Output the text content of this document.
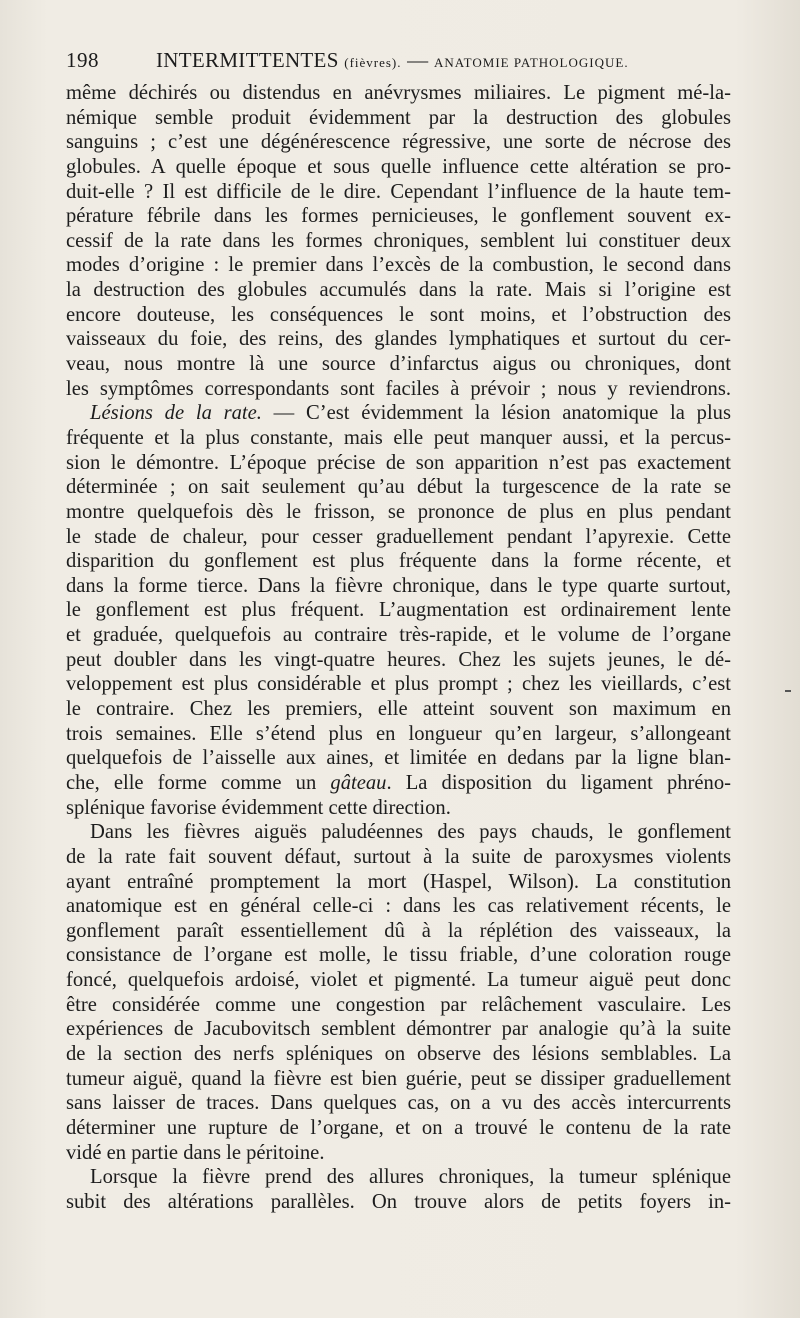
198	INTERMITTENTES (fièvres). — ANATOMIE PATHOLOGIQUE.
même déchirés ou distendus en anévrysmes miliaires. Le pigment mé-la-
némique semble produit évidemment par la destruction des globules
sanguins ; c’est une dégénérescence régressive, une sorte de nécrose des
globules. A quelle époque et sous quelle influence cette altération se pro-
duit-elle ? Il est difficile de le dire. Cependant l’influence de la haute tem-
pérature fébrile dans les formes pernicieuses, le gonflement souvent ex-
cessif de la rate dans les formes chroniques, semblent lui constituer deux
modes d’origine : le premier dans l’excès de la combustion, le second dans
la destruction des globules accumulés dans la rate. Mais si l’origine est
encore douteuse, les conséquences le sont moins, et l’obstruction des
vaisseaux du foie, des reins, des glandes lymphatiques et surtout du cer-
veau, nous montre là une source d’infarctus aigus ou chroniques, dont
les symptômes correspondants sont faciles à prévoir ; nous y reviendrons.
Lésions de la rate. — C’est évidemment la lésion anatomique la plus
fréquente et la plus constante, mais elle peut manquer aussi, et la percus-
sion le démontre. L’époque précise de son apparition n’est pas exactement
déterminée ; on sait seulement qu’au début la turgescence de la rate se
montre quelquefois dès le frisson, se prononce de plus en plus pendant
le stade de chaleur, pour cesser graduellement pendant l’apyrexie. Cette
disparition du gonflement est plus fréquente dans la forme récente, et
dans la forme tierce. Dans la fièvre chronique, dans le type quarte surtout,
le gonflement est plus fréquent. L’augmentation est ordinairement lente
et graduée, quelquefois au contraire très-rapide, et le volume de l’organe
peut doubler dans les vingt-quatre heures. Chez les sujets jeunes, le dé-
veloppement est plus considérable et plus prompt ; chez les vieillards, c’est
le contraire. Chez les premiers, elle atteint souvent son maximum en
trois semaines. Elle s’étend plus en longueur qu’en largeur, s’allongeant
quelquefois de l’aisselle aux aines, et limitée en dedans par la ligne blan-
che, elle forme comme un gâteau. La disposition du ligament phréno-
splénique favorise évidemment cette direction.
Dans les fièvres aiguës paludéennes des pays chauds, le gonflement
de la rate fait souvent défaut, surtout à la suite de paroxysmes violents
ayant entraîné promptement la mort (Haspel, Wilson). La constitution
anatomique est en général celle-ci : dans les cas relativement récents, le
gonflement paraît essentiellement dû à la réplétion des vaisseaux, la
consistance de l’organe est molle, le tissu friable, d’une coloration rouge
foncé, quelquefois ardoisé, violet et pigmenté. La tumeur aiguë peut donc
être considérée comme une congestion par relâchement vasculaire. Les
expériences de Jacubovitsch semblent démontrer par analogie qu’à la suite
de la section des nerfs spléniques on observe des lésions semblables. La
tumeur aiguë, quand la fièvre est bien guérie, peut se dissiper graduellement
sans laisser de traces. Dans quelques cas, on a vu des accès intercurrents
déterminer une rupture de l’organe, et on a trouvé le contenu de la rate
vidé en partie dans le péritoine.
Lorsque la fièvre prend des allures chroniques, la tumeur splénique
subit des altérations parallèles. On trouve alors de petits foyers in-
